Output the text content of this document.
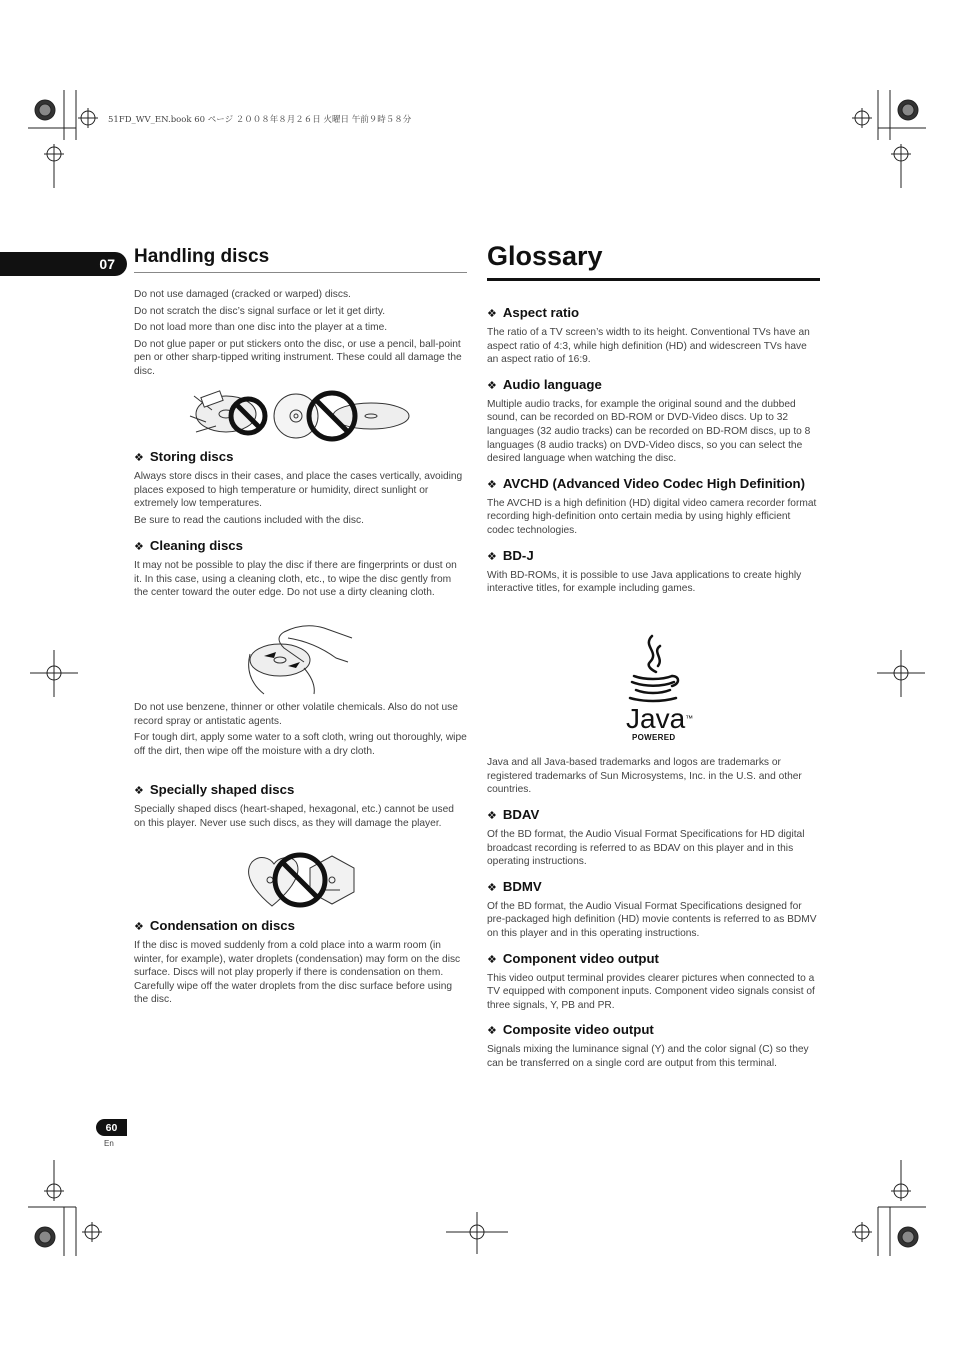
51FD_WV_EN.book 60 ページ ２００８年８月２６日 火曜日 午前９時５８分
07	Handling discs	Glossary

Do not use damaged (cracked or warped) discs.

Do not scratch the disc’s signal surface or let it get dirty.

Do not load more than one disc into the player at a time.

Do not glue paper or put stickers onto the disc, or use a pencil, ball-point pen or other sharp-tipped writing instrument. These could all damage the disc.

❖ Storing discs

Always store discs in their cases, and place the cases vertically, avoiding places exposed to high temperature or humidity, direct sunlight or extremely low temperatures.

Be sure to read the cautions included with the disc.

❖ Cleaning discs

It may not be possible to play the disc if there are fingerprints or dust on it. In this case, using a cleaning cloth, etc., to wipe the disc gently from the center toward the outer edge. Do not use a dirty cleaning cloth.

Do not use benzene, thinner or other volatile chemicals. Also do not use record spray or antistatic agents.

For tough dirt, apply some water to a soft cloth, wring out thoroughly, wipe off the dirt, then wipe off the moisture with a dry cloth.

❖ Specially shaped discs

Specially shaped discs (heart-shaped, hexagonal, etc.) cannot be used on this player. Never use such discs, as they will damage the player.

❖ Condensation on discs

If the disc is moved suddenly from a cold place into a warm room (in winter, for example), water droplets (condensation) may form on the disc surface. Discs will not play properly if there is condensation on them. Carefully wipe off the water droplets from the disc surface before using the disc.

❖ Aspect ratio

The ratio of a TV screen’s width to its height. Conventional TVs have an aspect ratio of 4:3, while high definition (HD) and widescreen TVs have an aspect ratio of 16:9.

❖ Audio language

Multiple audio tracks, for example the original sound and the dubbed sound, can be recorded on BD-ROM or DVD-Video discs. Up to 32 languages (32 audio tracks) can be recorded on BD-ROM discs, up to 8 languages (8 audio tracks) on DVD-Video discs, so you can select the desired language when watching the disc.

❖ AVCHD (Advanced Video Codec High Definition)

The AVCHD is a high definition (HD) digital video camera recorder format recording high-definition onto certain media by using highly efficient codec technologies.

❖ BD-J

With BD-ROMs, it is possible to use Java applications to create highly interactive titles, for example including games.

Java™
POWERED

Java and all Java-based trademarks and logos are trademarks or registered trademarks of Sun Microsystems, Inc. in the U.S. and other countries.

❖ BDAV

Of the BD format, the Audio Visual Format Specifications for HD digital broadcast recording is referred to as BDAV on this player and in this operating instructions.

❖ BDMV

Of the BD format, the Audio Visual Format Specifications designed for pre-packaged high definition (HD) movie contents is referred to as BDMV on this player and in this operating instructions.

❖ Component video output

This video output terminal provides clearer pictures when connected to a TV equipped with component inputs. Component video signals consist of three signals, Y, PB and PR.

❖ Composite video output

Signals mixing the luminance signal (Y) and the color signal (C) so they can be transferred on a single cord are output from this terminal.

60
En
